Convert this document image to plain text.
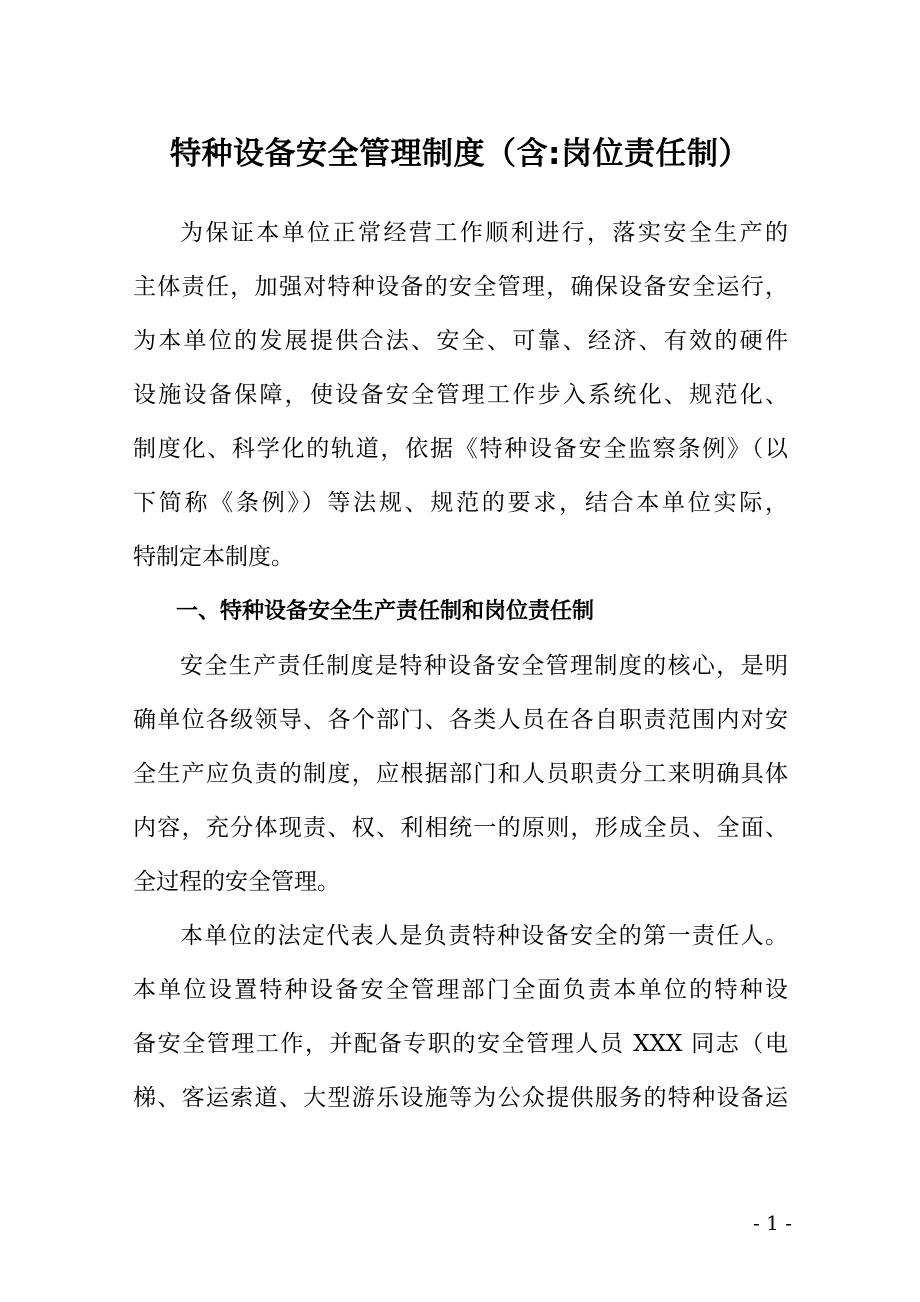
特种设备安全管理制度（含:岗位责任制）

为保证本单位正常经营工作顺利进行，落实安全生产的

主体责任，加强对特种设备的安全管理，确保设备安全运行，

为本单位的发展提供合法、安全、可靠、经济、有效的硬件

设施设备保障，使设备安全管理工作步入系统化、规范化、

制度化、科学化的轨道，依据《特种设备安全监察条例》（以

下简称《条例》）等法规、规范的要求，结合本单位实际，

特制定本制度。

一、特种设备安全生产责任制和岗位责任制

安全生产责任制度是特种设备安全管理制度的核心，是明

确单位各级领导、各个部门、各类人员在各自职责范围内对安

全生产应负责的制度，应根据部门和人员职责分工来明确具体

内容，充分体现责、权、利相统一的原则，形成全员、全面、

全过程的安全管理。

本单位的法定代表人是负责特种设备安全的第一责任人。

本单位设置特种设备安全管理部门全面负责本单位的特种设

备安全管理工作，并配备专职的安全管理人员 XXX 同志（电

梯、客运索道、大型游乐设施等为公众提供服务的特种设备运

- 1 -
